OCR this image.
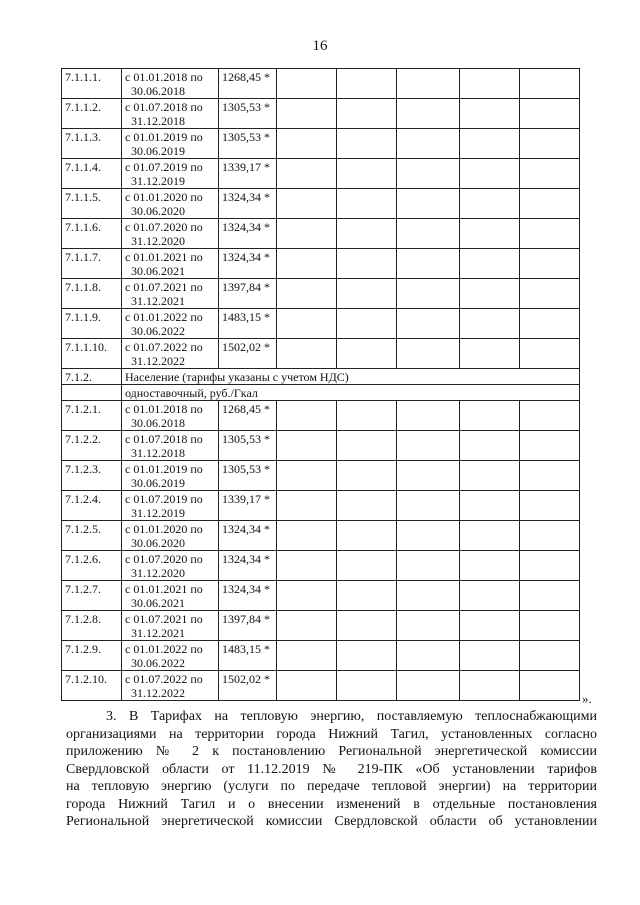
16
7.1.1.1.	с 01.01.2018 по
30.06.2018	1268,45 *					
7.1.1.2.	с 01.07.2018 по
31.12.2018	1305,53 *					
7.1.1.3.	с 01.01.2019 по
30.06.2019	1305,53 *					
7.1.1.4.	с 01.07.2019 по
31.12.2019	1339,17 *					
7.1.1.5.	с 01.01.2020 по
30.06.2020	1324,34 *					
7.1.1.6.	с 01.07.2020 по
31.12.2020	1324,34 *					
7.1.1.7.	с 01.01.2021 по
30.06.2021	1324,34 *					
7.1.1.8.	с 01.07.2021 по
31.12.2021	1397,84 *					
7.1.1.9.	с 01.01.2022 по
30.06.2022	1483,15 *					
7.1.1.10.	с 01.07.2022 по
31.12.2022	1502,02 *					
7.1.2.	Население (тарифы указаны с учетом НДС)						
	одноставочный, руб./Гкал						
7.1.2.1.	с 01.01.2018 по
30.06.2018	1268,45 *					
7.1.2.2.	с 01.07.2018 по
31.12.2018	1305,53 *					
7.1.2.3.	с 01.01.2019 по
30.06.2019	1305,53 *					
7.1.2.4.	с 01.07.2019 по
31.12.2019	1339,17 *					
7.1.2.5.	с 01.01.2020 по
30.06.2020	1324,34 *					
7.1.2.6.	с 01.07.2020 по
31.12.2020	1324,34 *					
7.1.2.7.	с 01.01.2021 по
30.06.2021	1324,34 *					
7.1.2.8.	с 01.07.2021 по
31.12.2021	1397,84 *					
7.1.2.9.	с 01.01.2022 по
30.06.2022	1483,15 *					
7.1.2.10.	с 01.07.2022 по
31.12.2022	1502,02 *					
».
3. В Тарифах на тепловую энергию, поставляемую теплоснабжающими
организациями на территории города Нижний Тагил, установленных согласно
приложению № 2 к постановлению Региональной энергетической комиссии
Свердловской области от 11.12.2019 № 219-ПК «Об установлении тарифов
на тепловую энергию (услуги по передаче тепловой энергии) на территории
города Нижний Тагил и о внесении изменений в отдельные постановления
Региональной энергетической комиссии Свердловской области об установлении
